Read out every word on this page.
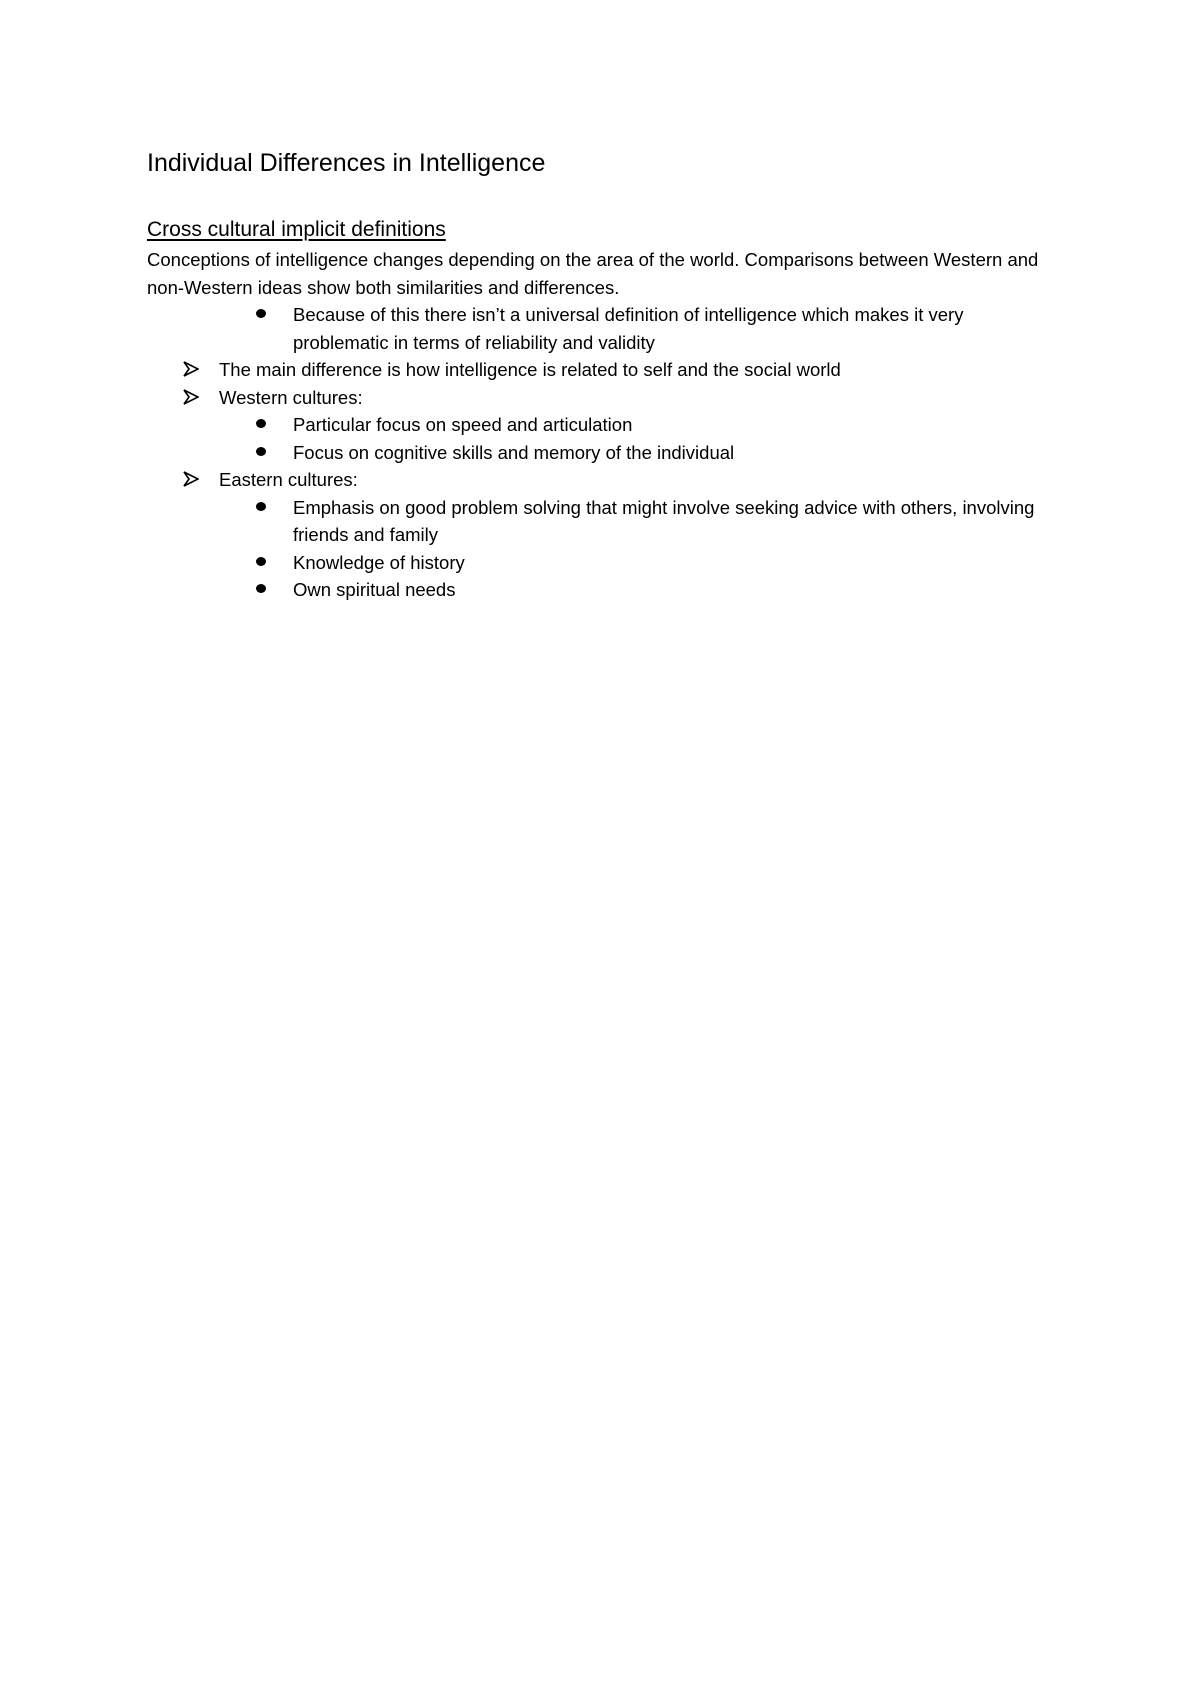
Individual Differences in Intelligence
Cross cultural implicit definitions
Conceptions of intelligence changes depending on the area of the world. Comparisons between Western and non-Western ideas show both similarities and differences.
Because of this there isn’t a universal definition of intelligence which makes it very problematic in terms of reliability and validity
The main difference is how intelligence is related to self and the social world
Western cultures:
Particular focus on speed and articulation
Focus on cognitive skills and memory of the individual
Eastern cultures:
Emphasis on good problem solving that might involve seeking advice with others, involving friends and family
Knowledge of history
Own spiritual needs
